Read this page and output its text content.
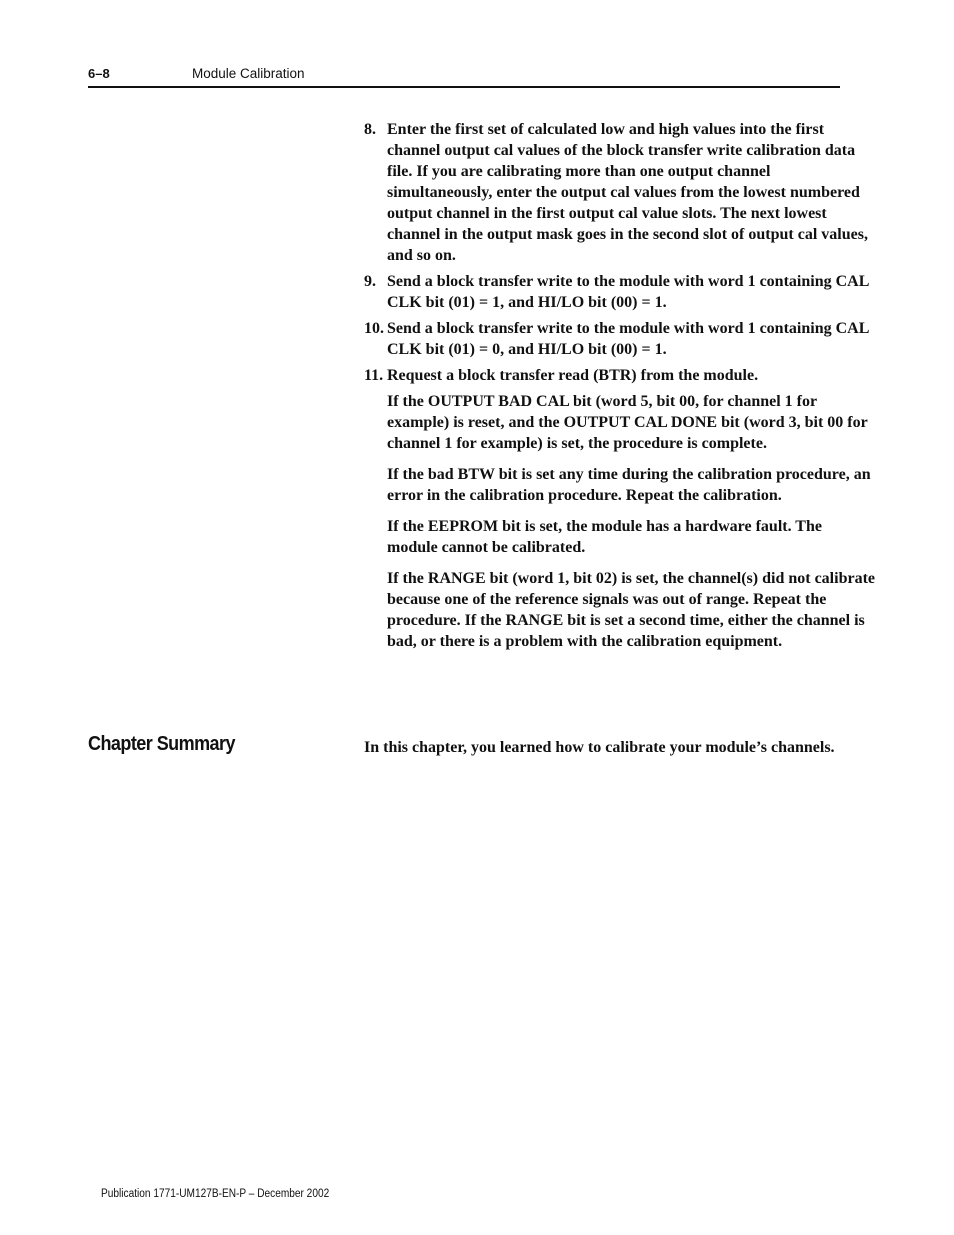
6–8	Module Calibration
8. Enter the first set of calculated low and high values into the first channel output cal values of the block transfer write calibration data file. If you are calibrating more than one output channel simultaneously, enter the output cal values from the lowest numbered output channel in the first output cal value slots. The next lowest channel in the output mask goes in the second slot of output cal values, and so on.
9. Send a block transfer write to the module with word 1 containing CAL CLK bit (01) = 1, and HI/LO bit (00) = 1.
10. Send a block transfer write to the module with word 1 containing CAL CLK bit (01) = 0, and HI/LO bit (00) = 1.
11. Request a block transfer read (BTR) from the module.

If the OUTPUT BAD CAL bit (word 5, bit 00, for channel 1 for example) is reset, and the OUTPUT CAL DONE bit (word 3, bit 00 for channel 1 for example) is set, the procedure is complete.

If the bad BTW bit is set any time during the calibration procedure, an error in the calibration procedure. Repeat the calibration.

If the EEPROM bit is set, the module has a hardware fault. The module cannot be calibrated.

If the RANGE bit (word 1, bit 02) is set, the channel(s) did not calibrate because one of the reference signals was out of range. Repeat the procedure. If the RANGE bit is set a second time, either the channel is bad, or there is a problem with the calibration equipment.

Chapter Summary	In this chapter, you learned how to calibrate your module’s channels.
Publication 1771-UM127B-EN-P – December 2002
